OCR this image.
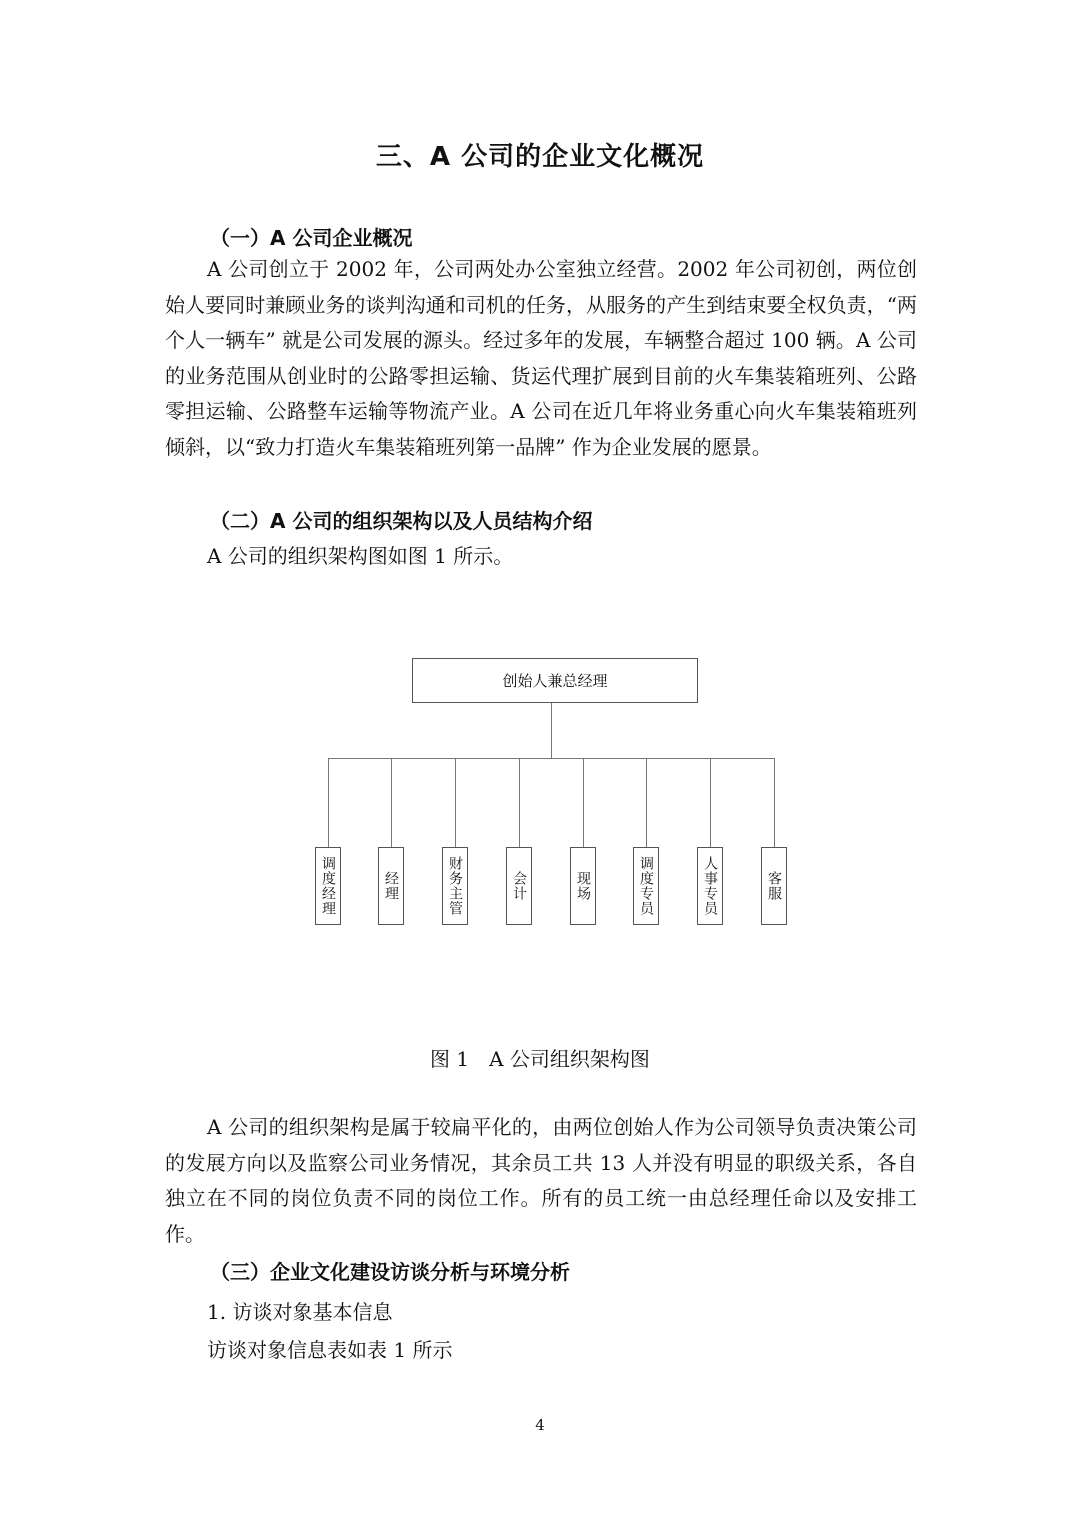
三、A 公司的企业文化概况
（一）A 公司企业概况

A 公司创立于 2002 年，公司两处办公室独立经营。2002 年公司初创，两位创始人要同时兼顾业务的谈判沟通和司机的任务，从服务的产生到结束要全权负责，“两个人一辆车” 就是公司发展的源头。经过多年的发展，车辆整合超过 100 辆。A 公司的业务范围从创业时的公路零担运输、货运代理扩展到目前的火车集装箱班列、公路零担运输、公路整车运输等物流产业。A 公司在近几年将业务重心向火车集装箱班列倾斜，以“致力打造火车集装箱班列第一品牌” 作为企业发展的愿景。

（二）A 公司的组织架构以及人员结构介绍
A 公司的组织架构图如图 1 所示。
创始人兼总经理
调度经理	经理	财务主管	会计	现场	调度专员	人事专员	客服
图 1　A 公司组织架构图

A 公司的组织架构是属于较扁平化的，由两位创始人作为公司领导负责决策公司的发展方向以及监察公司业务情况，其余员工共 13 人并没有明显的职级关系，各自独立在不同的岗位负责不同的岗位工作。所有的员工统一由总经理任命以及安排工作。

（三）企业文化建设访谈分析与环境分析
1. 访谈对象基本信息
访谈对象信息表如表 1 所示
4
